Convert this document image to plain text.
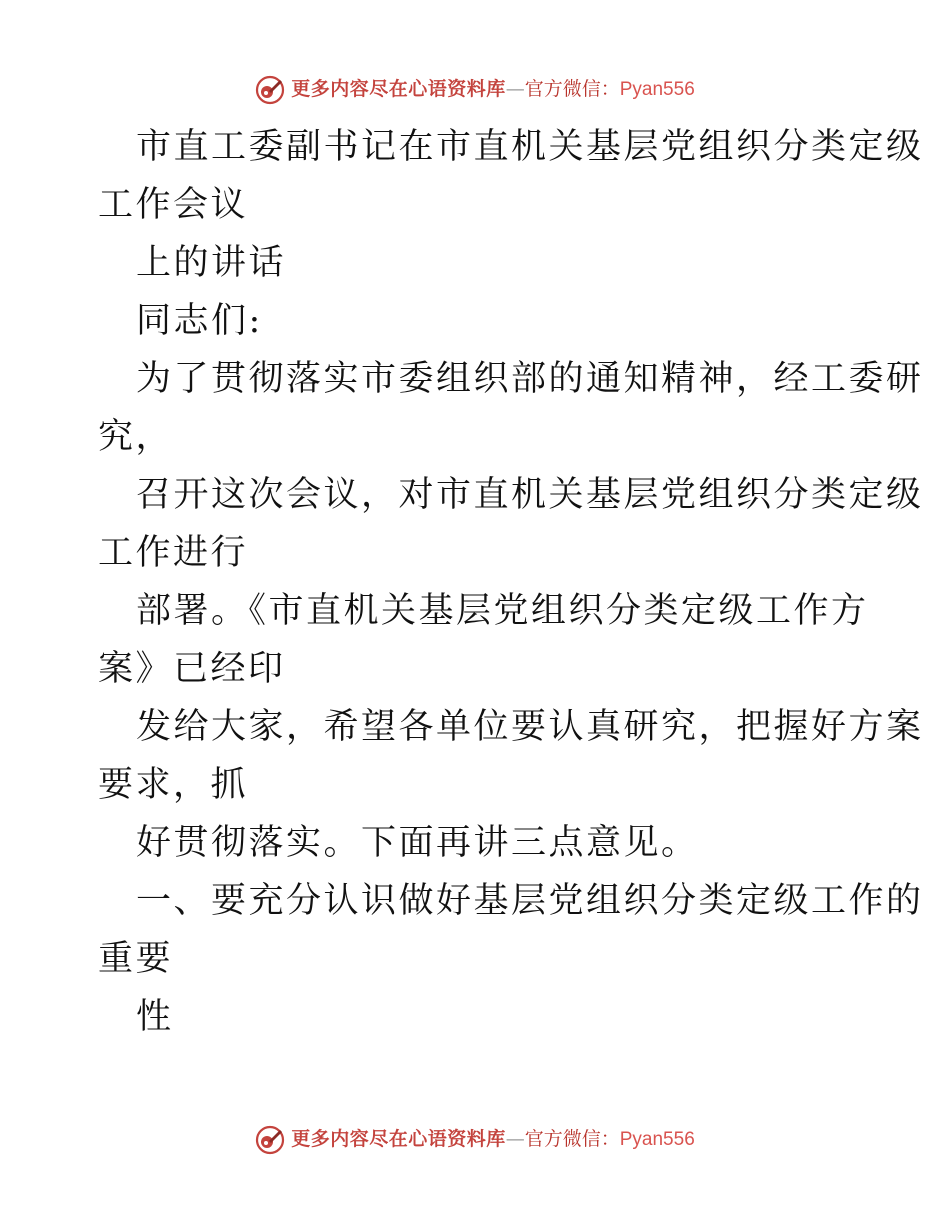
更多内容尽在心语资料库—官方微信：Pyan556
市直工委副书记在市直机关基层党组织分类定级
工作会议
上的讲话
同志们:
为了贯彻落实市委组织部的通知精神，经工委研
究，
召开这次会议，对市直机关基层党组织分类定级
工作进行
部署。《市直机关基层党组织分类定级工作方
案》已经印
发给大家，希望各单位要认真研究，把握好方案
要求，抓
好贯彻落实。下面再讲三点意见。
一、要充分认识做好基层党组织分类定级工作的
重要
性
更多内容尽在心语资料库—官方微信：Pyan556
